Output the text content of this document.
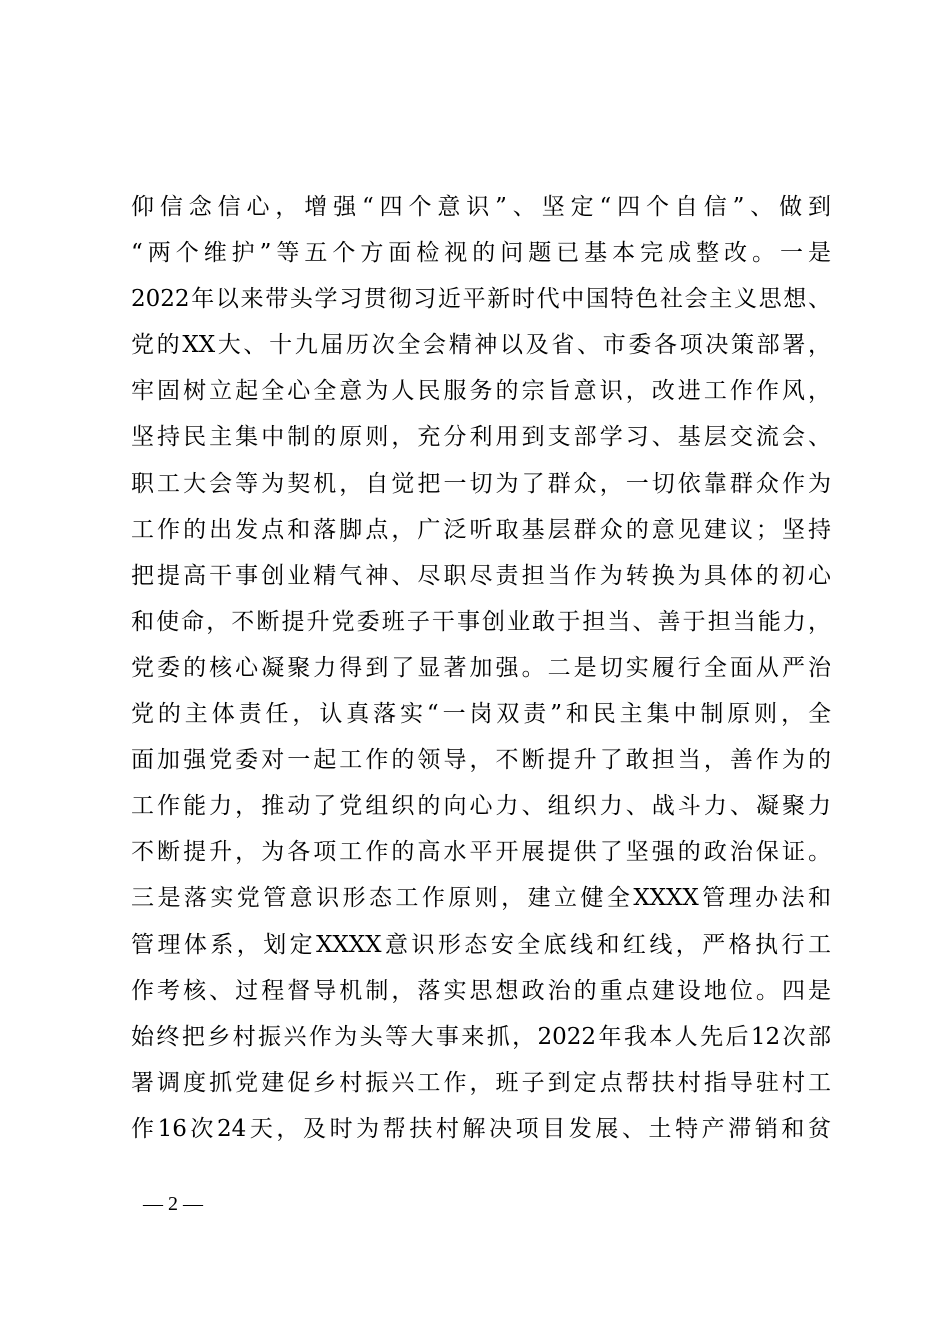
仰信念信心，增强“四个意识”、坚定“四个自信”、做到
“两个维护”等五个方面检视的问题已基本完成整改。一是
2022年以来带头学习贯彻习近平新时代中国特色社会主义思想、
党的XX大、十九届历次全会精神以及省、市委各项决策部署，
牢固树立起全心全意为人民服务的宗旨意识，改进工作作风，
坚持民主集中制的原则，充分利用到支部学习、基层交流会、
职工大会等为契机，自觉把一切为了群众，一切依靠群众作为
工作的出发点和落脚点，广泛听取基层群众的意见建议；坚持
把提高干事创业精气神、尽职尽责担当作为转换为具体的初心
和使命，不断提升党委班子干事创业敢于担当、善于担当能力，
党委的核心凝聚力得到了显著加强。二是切实履行全面从严治
党的主体责任，认真落实“一岗双责”和民主集中制原则，全
面加强党委对一起工作的领导，不断提升了敢担当，善作为的
工作能力，推动了党组织的向心力、组织力、战斗力、凝聚力
不断提升，为各项工作的高水平开展提供了坚强的政治保证。
三是落实党管意识形态工作原则，建立健全XXXX管理办法和
管理体系，划定XXXX意识形态安全底线和红线，严格执行工
作考核、过程督导机制，落实思想政治的重点建设地位。四是
始终把乡村振兴作为头等大事来抓，2022年我本人先后12次部
署调度抓党建促乡村振兴工作，班子到定点帮扶村指导驻村工
作16次24天，及时为帮扶村解决项目发展、土特产滞销和贫
— 2 —
